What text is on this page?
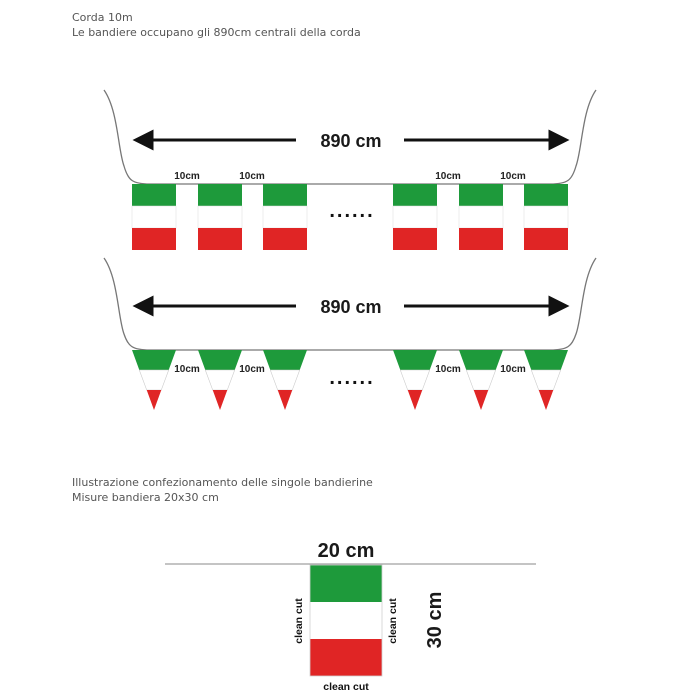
Corda 10m

Le bandiere occupano gli 890cm centrali della corda

890 cm
10cm	10cm	10cm	10cm
......
890 cm
10cm	10cm	10cm	10cm
......
20 cm
clean cut	clean cut
clean cut
30 cm

Illustrazione confezionamento delle singole bandierine

Misure bandiera 20x30 cm
